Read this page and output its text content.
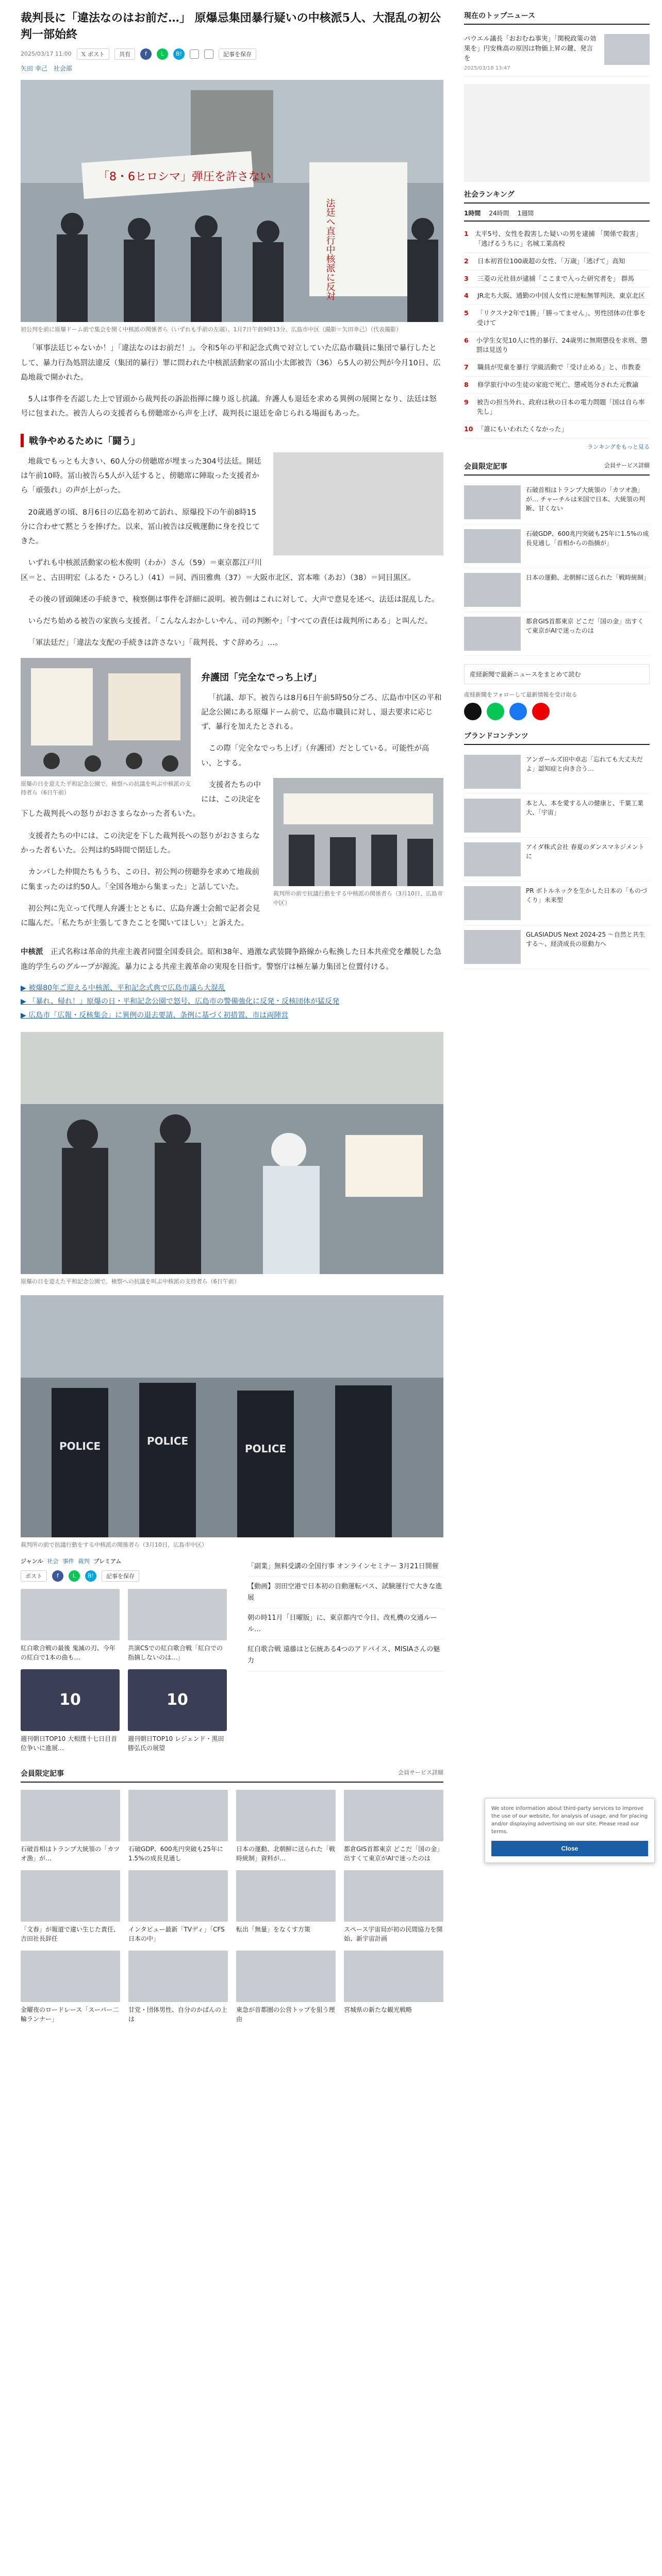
裁判長に「違法なのはお前だ…」 原爆忌集団暴行疑いの中核派5人、大混乱の初公判一部始終
2025/03/17 11:00	𝕏 ポスト	共有	f	L	B!	記事を保存
矢田 幸己　社会部
「8・6ヒロシマ」弾圧を許さない
法廷へ直行中核派に反対
初公判を前に原爆ドーム前で集会を開く中核派の関係者ら（いずれも手前の左端）、1月7日午前9時13分、広島市中区（撮影＝矢田幸己）（代表撮影）

「軍事法廷じゃないか！」「違法なのはお前だ！」。令和5年の平和記念式典で対立していた広島市職員に集団で暴行したとして、暴力行為処罰法違反（集団的暴行）罪に問われた中核派活動家の冨山小太郎被告（36）ら5人の初公判が今月10日、広島地裁で開かれた。

5人は事件を否認した上で冒頭から裁判長の訴訟指揮に繰り返し抗議。弁護人も退廷を求める異例の展開となり、法廷は怒号に包まれた。被告人らの支援者らも傍聴席から声を上げ、裁判長に退廷を命じられる場面もあった。

戦争やめるために「闘う」

地裁でもっとも大きい、60人分の傍聴席が埋まった304号法廷。開廷は午前10時。冨山被告ら5人が入廷すると、傍聴席に陣取った支援者から「頑張れ」の声が上がった。

20歳過ぎの頃、8月6日の広島を初めて訪れ、原爆投下の午前8時15分に合わせて黙とうを捧げた。以来、冨山被告は反戦運動に身を投じてきた。

いずれも中核派活動家の松木俊明（わか）さん（59）＝東京都江戸川区＝と、古田明宏（ふるた・ひろし）（41）＝同、西田雅典（37）＝大阪市北区、宮本唯（あお）（38）＝同目黒区。

その後の冒頭陳述の手続きで、検察側は事件を詳細に説明。被告側はこれに対して、大声で意見を述べ、法廷は混乱した。

いらだち始める被告の家族ら支援者。「こんなんおかしいやん、司の判断や」「すべての責任は裁判所にある」と叫んだ。

「軍法廷だ」「違法な支配の手続きは許さない」「裁判長、すぐ辞めろ」…。

原爆の日を迎えた平和記念公園で、検察への抗議を叫ぶ中核派の支持者ら（6日午前）
弁護団「完全なでっち上げ」

「抗議、却下。被告らは8月6日午前5時50分ごろ、広島市中区の平和記念公園にある原爆ドーム前で、広島市職員に対し、退去要求に応じず、暴行を加えたとされる。

この際「完全なでっち上げ」（弁護団）だとしている。可能性が高い、とする。

裁判所の前で抗議行動をする中核派の関係者ら（3月10日、広島市中区）

支援者たちの中には、この決定を下した裁判長への怒りがおさまらなかった者もいた。

支援者たちの中には、この決定を下した裁判長への怒りがおさまらなかった者もいた。公判は約5時間で閉廷した。

カンパした仲間たちもうち、この日、初公判の傍聴券を求めて地裁前に集まったのは約50人。「全国各地から集まった」と話していた。

初公判に先立って代理人弁護士とともに、広島弁護士会館で記者会見に臨んだ。「私たちが主張してきたことを聞いてほしい」と訴えた。

中核派　 正式名称は革命的共産主義者同盟全国委員会。昭和38年、過激な武装闘争路線から転換した日本共産党を離脱した急進的学生らのグループが源流。暴力による共産主義革命の実現を目指す。警察庁は極左暴力集団と位置付ける。

▶ 被爆80年ご迎える中核派、平和記念式典で広島市議ら大混乱
▶ 「暴れ、帰れ！」原爆の日・平和記念公園で怒号、広島市の警備強化に反発・反核団体が猛反発
▶ 広島市「広報・反核集会」に異例の退去要請、条例に基づく初措置、市は両陣営
原爆の日を迎えた平和記念公園で、検察への抗議を叫ぶ中核派の支持者ら（6日午前）
POLICE	POLICE
POLICE
裁判所の前で抗議行動をする中核派の関係者ら（3月10日、広島市中区）
ジャンル 社会 事件 裁判 プレミアム
ポスト	f	L	B!	記事を保存
紅白歌合戦の最後 鬼滅の刃、今年の紅白で1本の曲も…
共演CSでの紅白歌合戦「紅白での指摘しないのは…」
10
週刊朝日TOP10 大相撲十七日目首位争いに進展…
10
週刊朝日TOP10 レジェンド・黒田勝弘氏の展望
「副業」無料受講の全国行事 オンラインセミナー 3月21日開催
【動画】羽田空港で日本初の自動運転バス、試験運行で大きな進展
朝の時11月「日曜版」に、東京都内で今日、改札機の交通ルール…
紅白歌合戦 遠藤はと伝統ある4つのアドバイス、MISIAさんの魅力
会員限定記事	会員サービス詳細
石破首相はトランプ大統領の「カツオ漁」が…
石破GDP、600兆円突破も25年に1.5%の成長見通し
日本の運動、北朝鮮に送られた「戦時統制」資料が…
都倉GIS首都東京 どこだ「国の金」出すくて東京がAIで迷ったのは
「文春」が報道で違い生じた責任、吉田社長辞任
インタビュー最新「TVディ」「CFS日本の中」
転出「無量」をなくす方策	スペース宇宙局が初の民間協力を開始、新宇宙計画
金曜夜のロードレース「スーパー二輪ランナー」
甘党・団体男性、自分のかばんの上は
東急が首都圏の公営トップを狙う理由
宮城県の新たな観光戦略
現在のトップニュース
パウエル議長「おおむね事実」「関税政策の効果を」円安株高の原因は物価上昇の鍵、発言を
2025/03/18 13:47
社会ランキング
1時間 24時間 1週間
1 太平5号、女性を殺害した疑いの男を逮捕 「関係で殺害」 「逃げるうちに」名城工業高校
2	日本初首位100歳超の女性、「万歳」「逃げて」高知
3	三菱の元社員が逮捕「ここまで入った研究者を」 群馬
4	JR北ち大阪、通勤の中国人女性に逆転無罪判決、東京北区
5	「リクスナ2年で1勝」「勝ってません」、男性団体の仕事を受けて
6	小学生女児10人に性的暴行、24歳男に無期懲役を求刑、懲罰は見送り
7	職員が児童を暴行 学級活動で「受け止める」と、市教委
8	修学旅行中の生徒の家庭で死亡、懲戒処分された元教諭
9	被告の担当外れ、政府は秋の日本の電力問題「国は自ら率先し」
10 「誰にもいわれたくなかった」
ランキングをもっと見る
会員限定記事	会員サービス詳細
石破首相はトランプ大統領の「カツオ漁」が… チャーチルは米国で日本、大統領の判断、甘くない
石破GDP、600兆円突破も25年に1.5%の成長見通し「首相からの指摘が」
日本の運動、北朝鮮に送られた「戦時統制」
都倉GIS首都東京 どこだ「国の金」出すくて東京がAIで迷ったのは
産経新聞で最新ニュースをまとめて読む
産経新聞をフォローして最新情報を受け取る
ブランドコンテンツ
アンガールズ田中卓志「忘れても大丈夫だよ」認知症と向き合う…
本と人、本を愛する人の健康と、千葉工業大、「宇宙」
アイダ株式会社 春夏のダンスマネジメントに
PR ボトルネックを生かした日本の「ものづくり」未来型
GLASIADUS Next 2024-25 〜自然と共生する〜、経済成長の原動力へ
We store information about third-party services to improve the use of our website, for analysis of usage, and for placing and/or displaying advertising on our site. Please read our terms.
Close
